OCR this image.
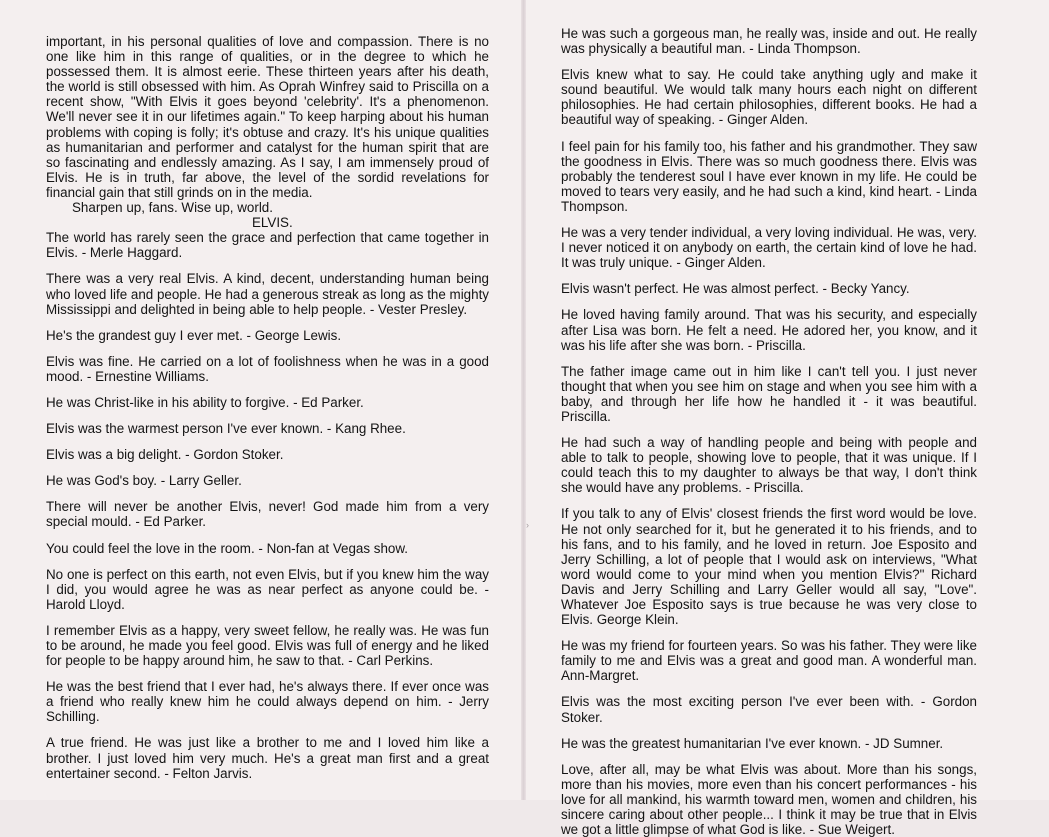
important, in his personal qualities of love and compassion. There is no one like him in this range of qualities, or in the degree to which he possessed them. It is almost eerie. These thirteen years after his death, the world is still obsessed with him. As Oprah Winfrey said to Priscilla on a recent show, "With Elvis it goes beyond 'celebrity'. It's a phenomenon. We'll never see it in our lifetimes again." To keep harping about his human problems with coping is folly; it's obtuse and crazy. It's his unique qualities as humanitarian and performer and catalyst for the human spirit that are so fascinating and endlessly amazing. As I say, I am immensely proud of Elvis. He is in truth, far above, the level of the sordid revelations for financial gain that still grinds on in the media.

Sharpen up, fans. Wise up, world.

ELVIS.

The world has rarely seen the grace and perfection that came together in Elvis. - Merle Haggard.

There was a very real Elvis. A kind, decent, understanding human being who loved life and people. He had a generous streak as long as the mighty Mississippi and delighted in being able to help people. - Vester Presley.

He's the grandest guy I ever met. - George Lewis.

Elvis was fine. He carried on a lot of foolishness when he was in a good mood. - Ernestine Williams.

He was Christ-like in his ability to forgive. - Ed Parker.

Elvis was the warmest person I've ever known. - Kang Rhee.

Elvis was a big delight. - Gordon Stoker.

He was God's boy. - Larry Geller.

There will never be another Elvis, never! God made him from a very special mould. - Ed Parker.

You could feel the love in the room. - Non-fan at Vegas show.

No one is perfect on this earth, not even Elvis, but if you knew him the way I did, you would agree he was as near perfect as anyone could be. - Harold Lloyd.

I remember Elvis as a happy, very sweet fellow, he really was. He was fun to be around, he made you feel good. Elvis was full of energy and he liked for people to be happy around him, he saw to that. - Carl Perkins.

He was the best friend that I ever had, he's always there. If ever once was a friend who really knew him he could always depend on him. - Jerry Schilling.

A true friend. He was just like a brother to me and I loved him like a brother. I just loved him very much. He's a great man first and a great entertainer second. - Felton Jarvis.

He was such a gorgeous man, he really was, inside and out. He really was physically a beautiful man. - Linda Thompson.

Elvis knew what to say. He could take anything ugly and make it sound beautiful. We would talk many hours each night on different philosophies. He had certain philosophies, different books. He had a beautiful way of speaking. - Ginger Alden.

I feel pain for his family too, his father and his grandmother. They saw the goodness in Elvis. There was so much goodness there. Elvis was probably the tenderest soul I have ever known in my life. He could be moved to tears very easily, and he had such a kind, kind heart. - Linda Thompson.

He was a very tender individual, a very loving individual. He was, very. I never noticed it on anybody on earth, the certain kind of love he had. It was truly unique. - Ginger Alden.

Elvis wasn't perfect. He was almost perfect. - Becky Yancy.

He loved having family around. That was his security, and especially after Lisa was born. He felt a need. He adored her, you know, and it was his life after she was born. - Priscilla.

The father image came out in him like I can't tell you. I just never thought that when you see him on stage and when you see him with a baby, and through her life how he handled it - it was beautiful. Priscilla.

He had such a way of handling people and being with people and able to talk to people, showing love to people, that it was unique. If I could teach this to my daughter to always be that way, I don't think she would have any problems. - Priscilla.

If you talk to any of Elvis' closest friends the first word would be love. He not only searched for it, but he generated it to his friends, and to his fans, and to his family, and he loved in return. Joe Esposito and Jerry Schilling, a lot of people that I would ask on interviews, "What word would come to your mind when you mention Elvis?" Richard Davis and Jerry Schilling and Larry Geller would all say, "Love". Whatever Joe Esposito says is true because he was very close to Elvis. George Klein.

He was my friend for fourteen years. So was his father. They were like family to me and Elvis was a great and good man. A wonderful man. Ann-Margret.

Elvis was the most exciting person I've ever been with. - Gordon Stoker.

He was the greatest humanitarian I've ever known. - JD Sumner.

Love, after all, may be what Elvis was about. More than his songs, more than his movies, more even than his concert performances - his love for all mankind, his warmth toward men, women and children, his sincere caring about other people... I think it may be true that in Elvis we got a little glimpse of what God is like. - Sue Weigert.

›
